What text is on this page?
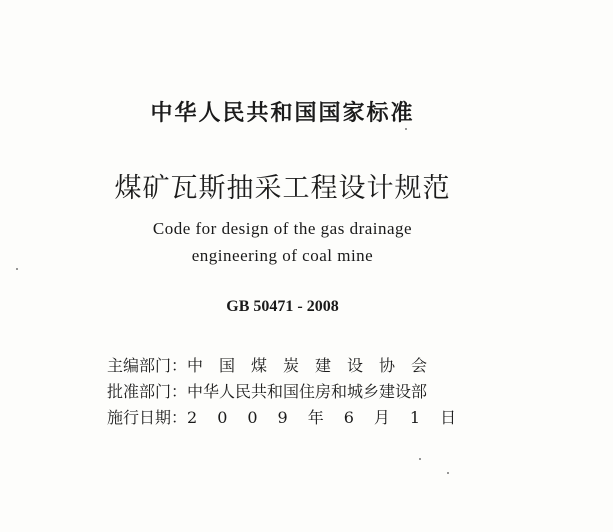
中华人民共和国国家标准
煤矿瓦斯抽采工程设计规范
Code for design of the gas drainage
engineering of coal mine
GB 50471 - 2008
主编部门： 中国煤炭建设协会
批准部门： 中华人民共和国住房和城乡建设部
施行日期： 2009年6月1日
